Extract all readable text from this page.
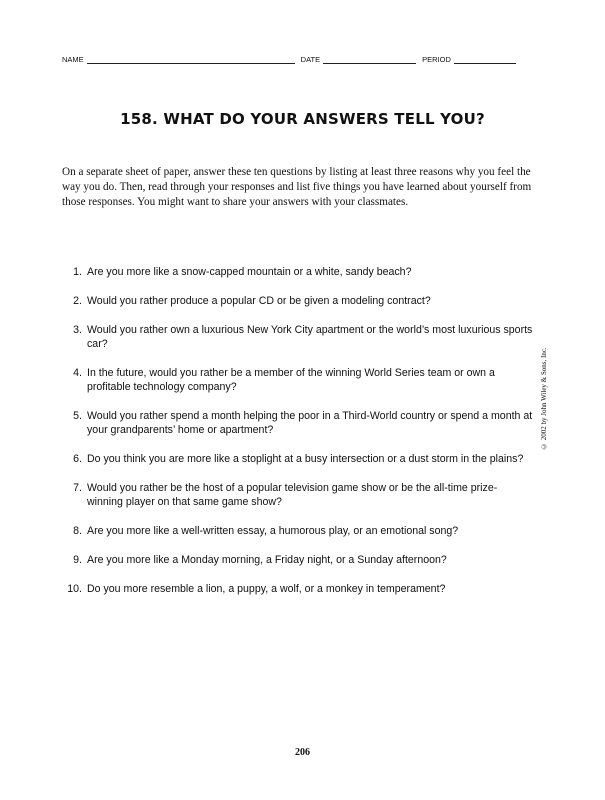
NAME	DATE	PERIOD
158. WHAT DO YOUR ANSWERS TELL YOU?

On a separate sheet of paper, answer these ten questions by listing at least three reasons why you feel the way you do. Then, read through your responses and list five things you have learned about yourself from those responses. You might want to share your answers with your classmates.

1. Are you more like a snow-capped mountain or a white, sandy beach?
2. Would you rather produce a popular CD or be given a modeling contract?
3. Would you rather own a luxurious New York City apartment or the world’s most luxurious sports car?
4. In the future, would you rather be a member of the winning World Series team or own a profitable technology company?
5. Would you rather spend a month helping the poor in a Third-World country or spend a month at your grandparents’ home or apartment?
6. Do you think you are more like a stoplight at a busy intersection or a dust storm in the plains?
7. Would you rather be the host of a popular television game show or be the all-time prize-winning player on that same game show?
8. Are you more like a well-written essay, a humorous play, or an emotional song?
9. Are you more like a Monday morning, a Friday night, or a Sunday afternoon?
10. Do you more resemble a lion, a puppy, a wolf, or a monkey in temperament?
© 2002 by John Wiley & Sons, Inc.
206
